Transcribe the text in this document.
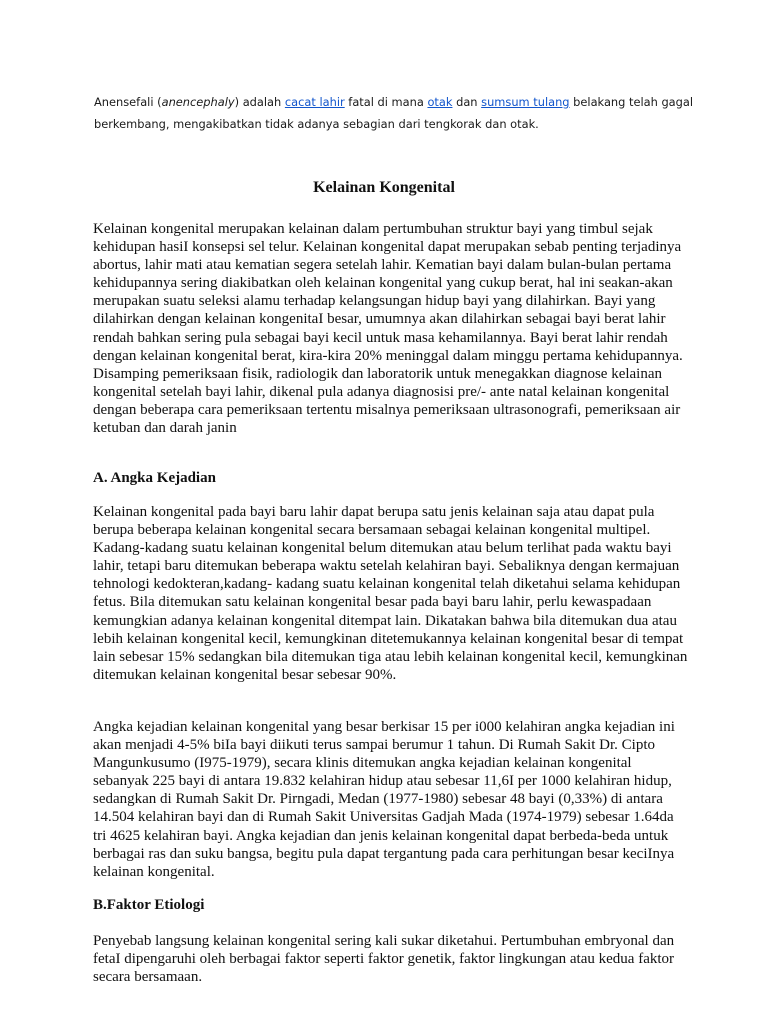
Anensefali (anencephaly) adalah cacat lahir fatal di mana otak dan sumsum tulang belakang telah gagal berkembang, mengakibatkan tidak adanya sebagian dari tengkorak dan otak.

Kelainan Kongenital

Kelainan kongenital merupakan kelainan dalam pertumbuhan struktur bayi yang timbul sejak kehidupan hasiI konsepsi sel telur. Kelainan kongenital dapat merupakan sebab penting terjadinya abortus, lahir mati atau kematian segera setelah lahir. Kematian bayi dalam bulan-bulan pertama kehidupannya sering diakibatkan oleh kelainan kongenital yang cukup berat, hal ini seakan-akan merupakan suatu seleksi alamu terhadap kelangsungan hidup bayi yang dilahirkan. Bayi yang dilahirkan dengan kelainan kongenitaI besar, umumnya akan dilahirkan sebagai bayi berat lahir rendah bahkan sering pula sebagai bayi kecil untuk masa kehamilannya. Bayi berat lahir rendah dengan kelainan kongenital berat, kira-kira 20% meninggal dalam minggu pertama kehidupannya. Disamping pemeriksaan fisik, radiologik dan laboratorik untuk menegakkan diagnose kelainan kongenital setelah bayi lahir, dikenal pula adanya diagnosisi pre/- ante natal kelainan kongenital dengan beberapa cara pemeriksaan tertentu misalnya pemeriksaan ultrasonografi, pemeriksaan air ketuban dan darah janin

A. Angka Kejadian

Kelainan kongenital pada bayi baru lahir dapat berupa satu jenis kelainan saja atau dapat pula berupa beberapa kelainan kongenital secara bersamaan sebagai kelainan kongenital multipel. Kadang-kadang suatu kelainan kongenital belum ditemukan atau belum terlihat pada waktu bayi lahir, tetapi baru ditemukan beberapa waktu setelah kelahiran bayi. Sebaliknya dengan kermajuan tehnologi kedokteran,kadang- kadang suatu kelainan kongenital telah diketahui selama kehidupan fetus. Bila ditemukan satu kelainan kongenital besar pada bayi baru lahir, perlu kewaspadaan kemungkian adanya kelainan kongenital ditempat lain. Dikatakan bahwa bila ditemukan dua atau lebih kelainan kongenital kecil, kemungkinan ditetemukannya kelainan kongenital besar di tempat lain sebesar 15% sedangkan bila ditemukan tiga atau lebih kelainan kongenital kecil, kemungkinan ditemukan kelainan kongenital besar sebesar 90%.

Angka kejadian kelainan kongenital yang besar berkisar 15 per i000 kelahiran angka kejadian ini akan menjadi 4-5% biIa bayi diikuti terus sampai berumur 1 tahun. Di Rumah Sakit Dr. Cipto Mangunkusumo (I975-1979), secara klinis ditemukan angka kejadian kelainan kongenital sebanyak 225 bayi di antara 19.832 kelahiran hidup atau sebesar 11,6I per 1000 kelahiran hidup, sedangkan di Rumah Sakit Dr. Pirngadi, Medan (1977-1980) sebesar 48 bayi (0,33%) di antara 14.504 kelahiran bayi dan di Rumah Sakit Universitas Gadjah Mada (1974-1979) sebesar 1.64da tri 4625 kelahiran bayi. Angka kejadian dan jenis kelainan kongenital dapat berbeda-beda untuk berbagai ras dan suku bangsa, begitu pula dapat tergantung pada cara perhitungan besar keciInya kelainan kongenital.

B.Faktor Etiologi

Penyebab langsung kelainan kongenital sering kali sukar diketahui. Pertumbuhan embryonal dan fetaI dipengaruhi oleh berbagai faktor seperti faktor genetik, faktor lingkungan atau kedua faktor secara bersamaan.
